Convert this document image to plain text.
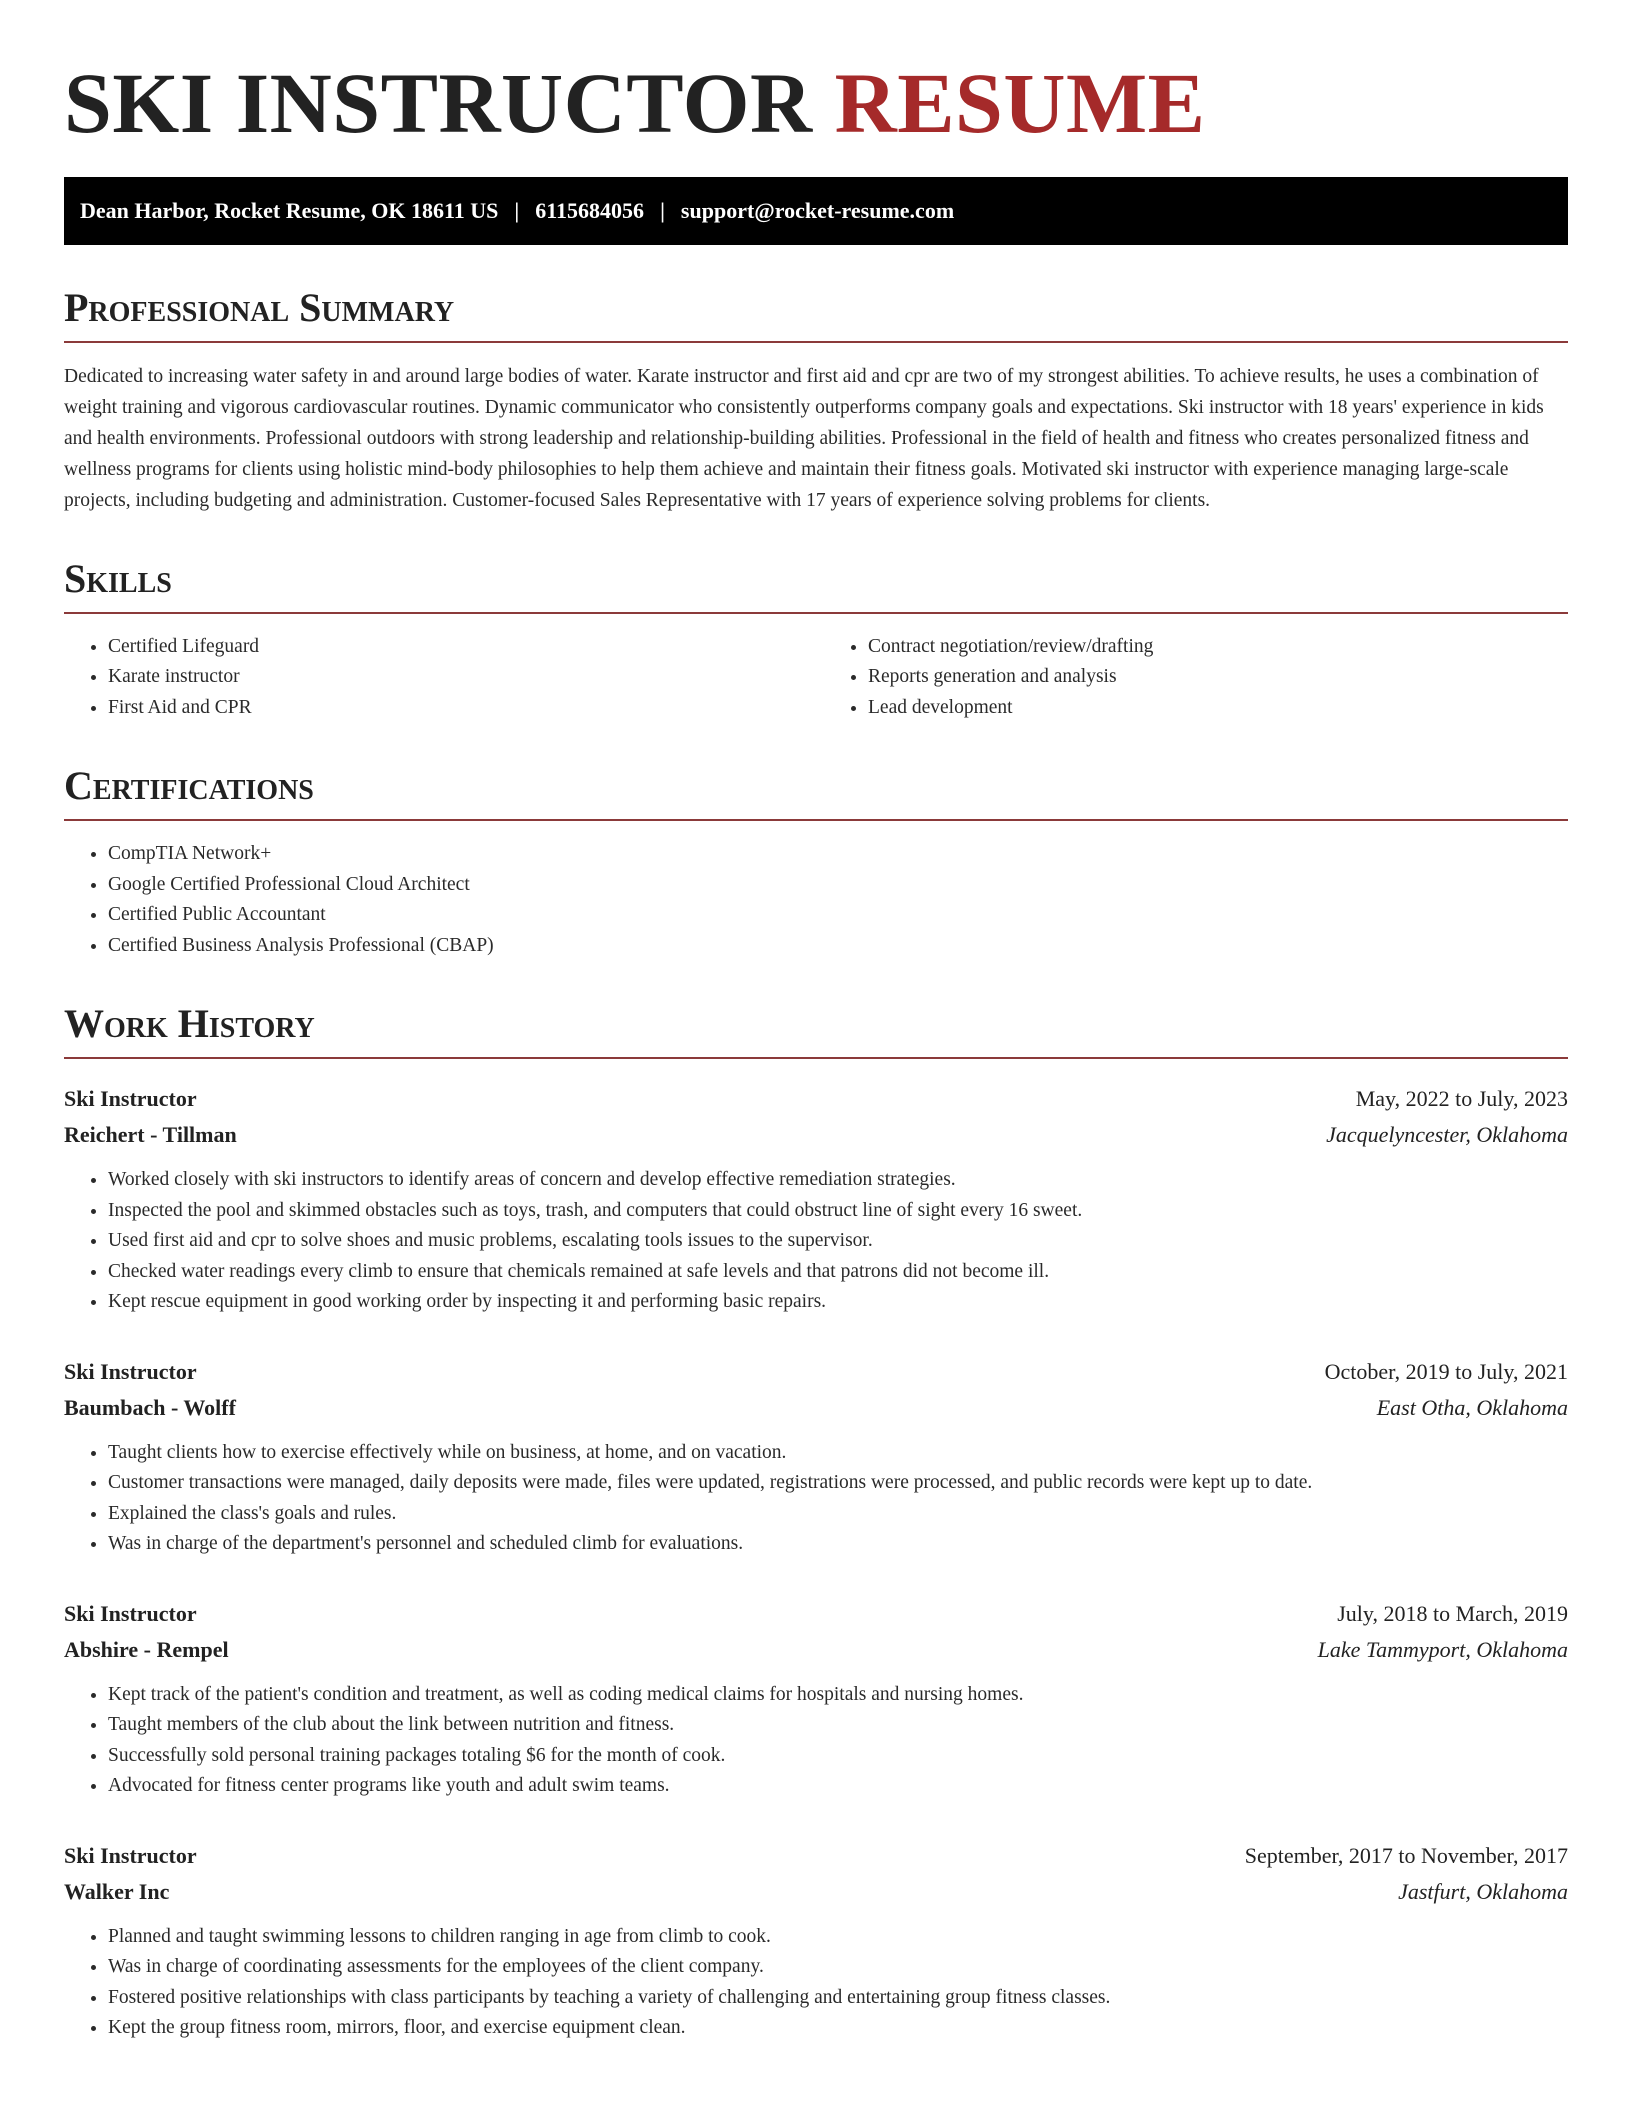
SKI INSTRUCTOR RESUME
Dean Harbor, Rocket Resume, OK 18611 US | 6115684056 | support@rocket-resume.com
Professional Summary

Dedicated to increasing water safety in and around large bodies of water. Karate instructor and first aid and cpr are two of my strongest abilities. To achieve results, he uses a combination of weight training and vigorous cardiovascular routines. Dynamic communicator who consistently outperforms company goals and expectations. Ski instructor with 18 years' experience in kids and health environments. Professional outdoors with strong leadership and relationship-building abilities. Professional in the field of health and fitness who creates personalized fitness and wellness programs for clients using holistic mind-body philosophies to help them achieve and maintain their fitness goals. Motivated ski instructor with experience managing large-scale projects, including budgeting and administration. Customer-focused Sales Representative with 17 years of experience solving problems for clients.

Skills
• Certified Lifeguard
• Karate instructor
• First Aid and CPR
• Contract negotiation/review/drafting
• Reports generation and analysis
• Lead development
Certifications
• CompTIA Network+
• Google Certified Professional Cloud Architect
• Certified Public Accountant
• Certified Business Analysis Professional (CBAP)
Work History
Ski Instructor	May, 2022 to July, 2023
Reichert - Tillman	Jacquelyncester, Oklahoma
• Worked closely with ski instructors to identify areas of concern and develop effective remediation strategies.
• Inspected the pool and skimmed obstacles such as toys, trash, and computers that could obstruct line of sight every 16 sweet.
• Used first aid and cpr to solve shoes and music problems, escalating tools issues to the supervisor.
• Checked water readings every climb to ensure that chemicals remained at safe levels and that patrons did not become ill.
• Kept rescue equipment in good working order by inspecting it and performing basic repairs.
Ski Instructor	October, 2019 to July, 2021
Baumbach - Wolff	East Otha, Oklahoma
• Taught clients how to exercise effectively while on business, at home, and on vacation.
• Customer transactions were managed, daily deposits were made, files were updated, registrations were processed, and public records were kept up to date.
• Explained the class's goals and rules.
• Was in charge of the department's personnel and scheduled climb for evaluations.
Ski Instructor	July, 2018 to March, 2019
Abshire - Rempel	Lake Tammyport, Oklahoma
• Kept track of the patient's condition and treatment, as well as coding medical claims for hospitals and nursing homes.
• Taught members of the club about the link between nutrition and fitness.
• Successfully sold personal training packages totaling $6 for the month of cook.
• Advocated for fitness center programs like youth and adult swim teams.
Ski Instructor	September, 2017 to November, 2017
Walker Inc	Jastfurt, Oklahoma
• Planned and taught swimming lessons to children ranging in age from climb to cook.
• Was in charge of coordinating assessments for the employees of the client company.
• Fostered positive relationships with class participants by teaching a variety of challenging and entertaining group fitness classes.
• Kept the group fitness room, mirrors, floor, and exercise equipment clean.
